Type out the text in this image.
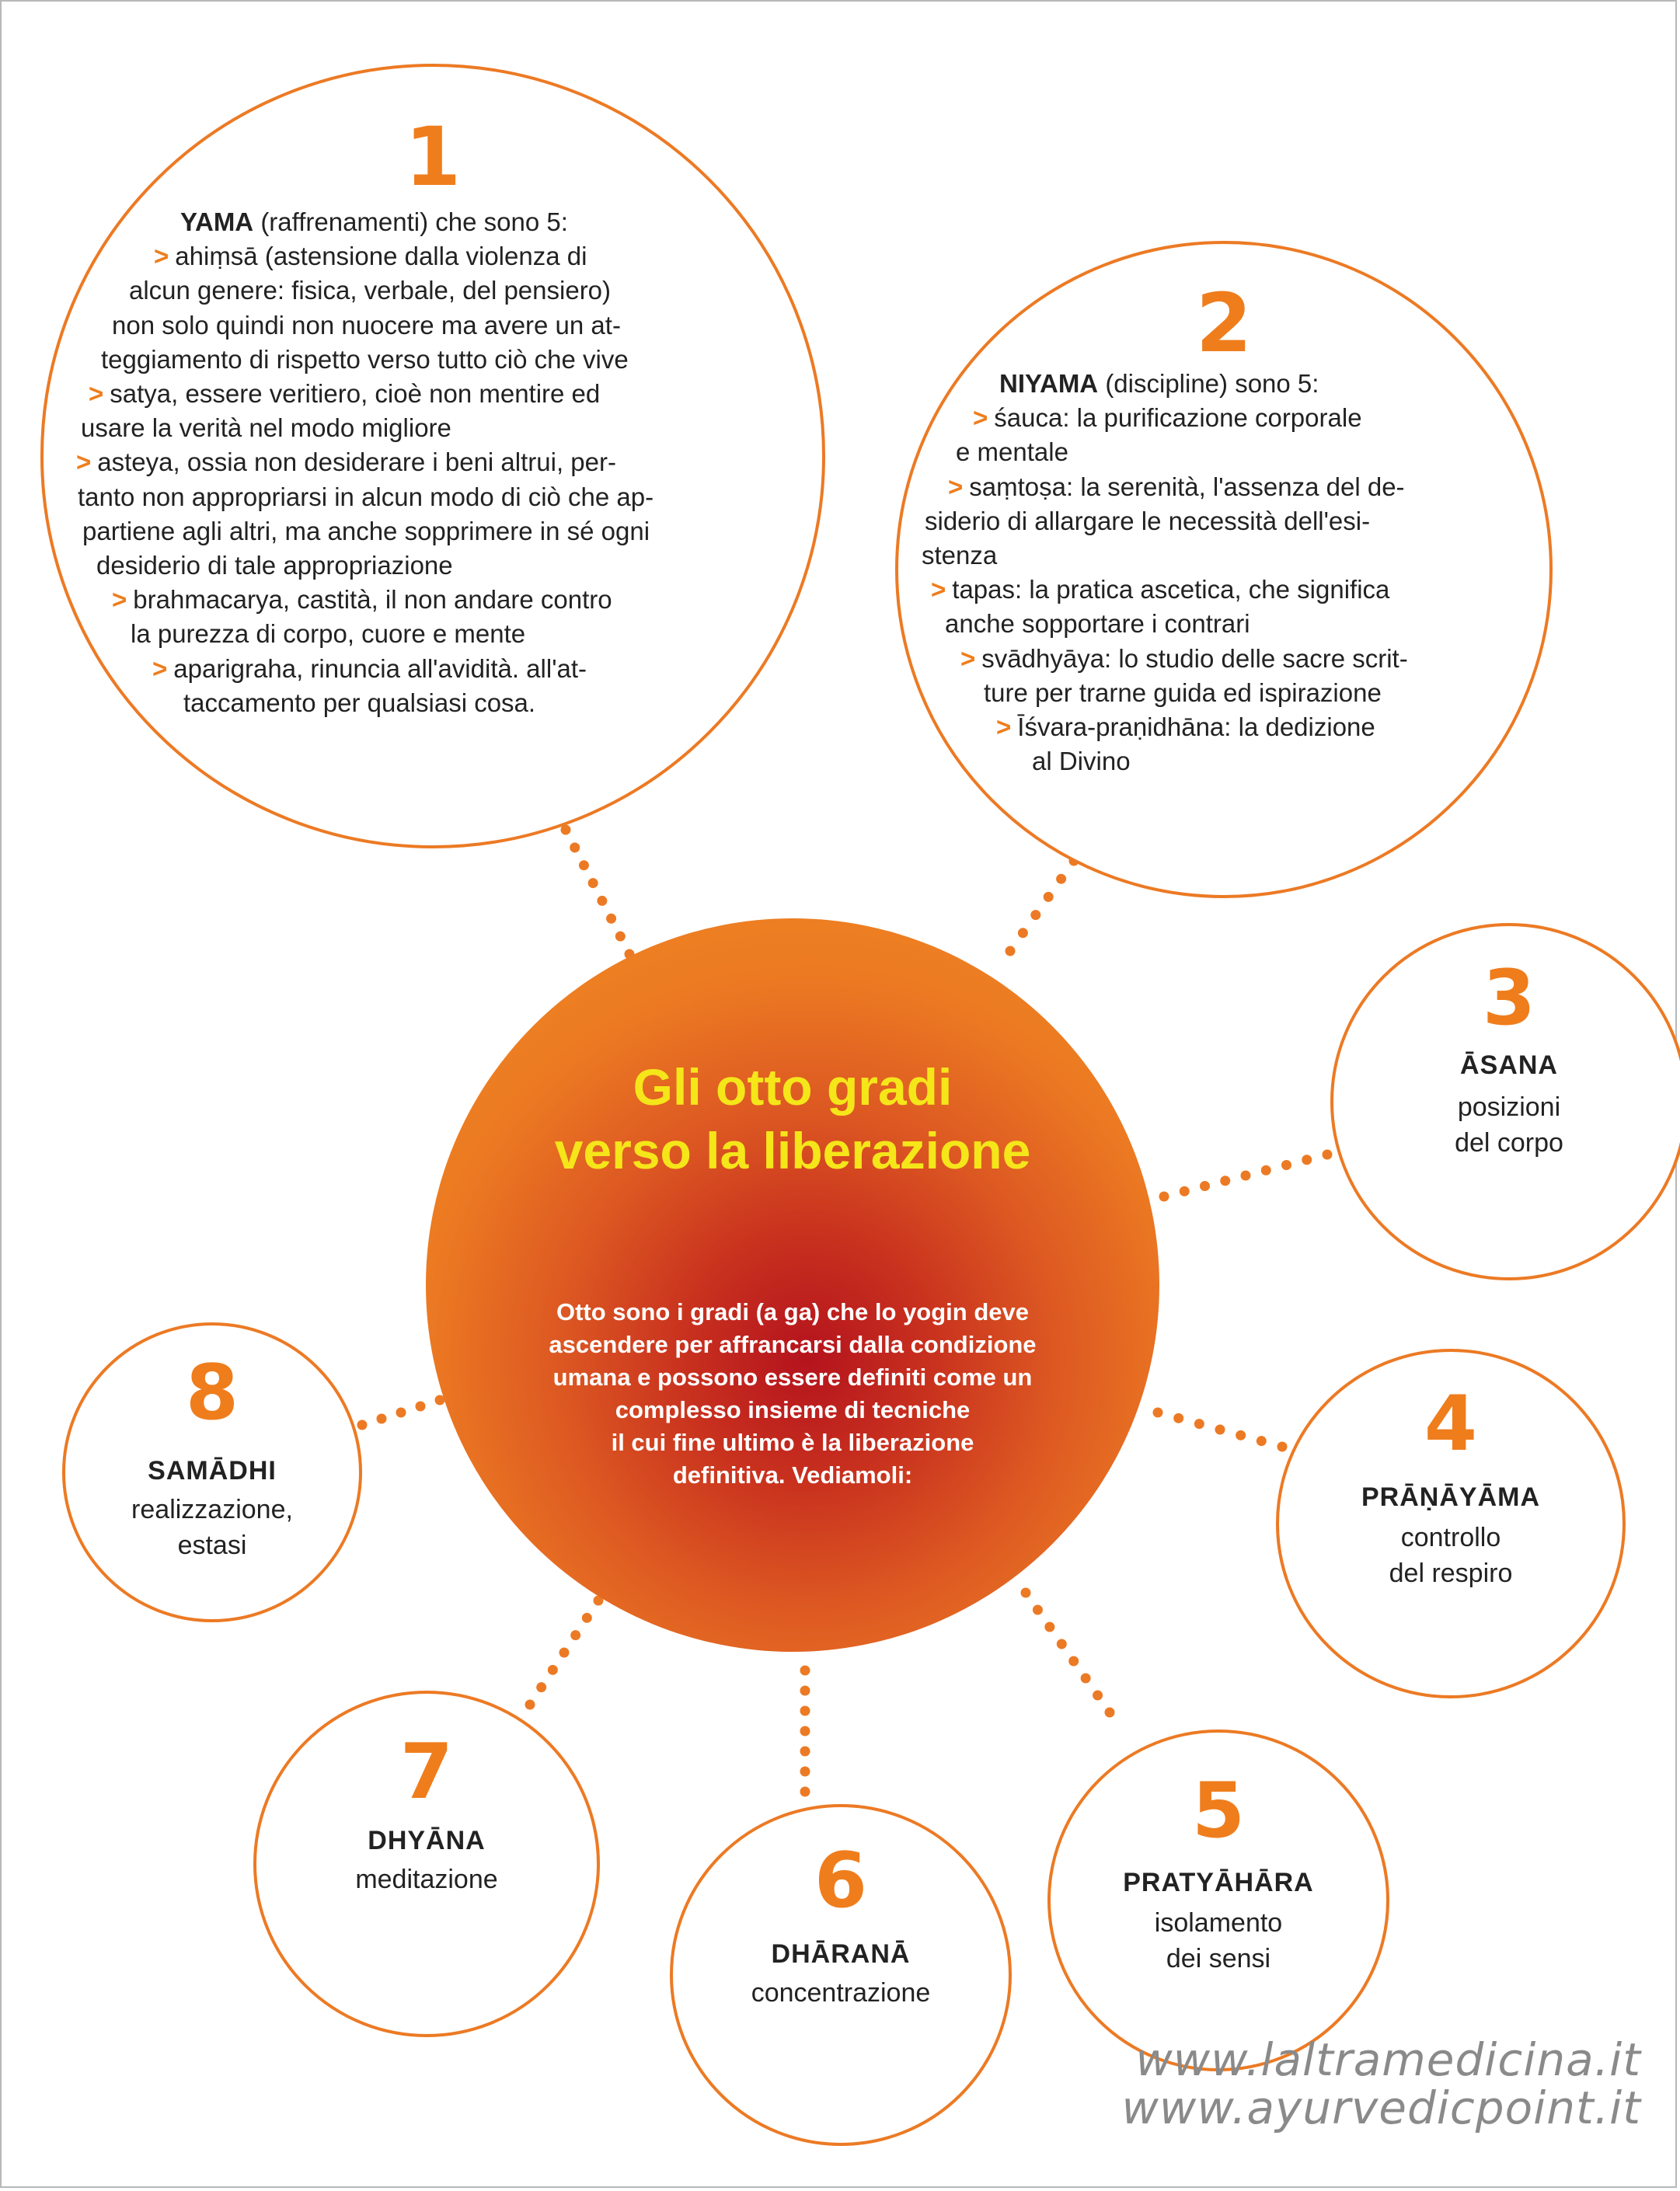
1
YAMA (raffrenamenti) che sono 5:
> ahiṃsā (astensione dalla violenza di
alcun genere: fisica, verbale, del pensiero)
non solo quindi non nuocere ma avere un at-
teggiamento di rispetto verso tutto ciò che vive
> satya, essere veritiero, cioè non mentire ed
usare la verità nel modo migliore
> asteya, ossia non desiderare i beni altrui, per-
tanto non appropriarsi in alcun modo di ciò che ap-
partiene agli altri, ma anche sopprimere in sé ogni
desiderio di tale appropriazione
> brahmacarya, castità, il non andare contro
la purezza di corpo, cuore e mente
> aparigraha, rinuncia all'avidità. all'at-
taccamento per qualsiasi cosa.
2
NIYAMA (discipline) sono 5:
> śauca: la purificazione corporale
e mentale
> saṃtoṣa: la serenità, l'assenza del de-
siderio di allargare le necessità dell'esi-
stenza
> tapas: la pratica ascetica, che significa
anche sopportare i contrari
> svādhyāya: lo studio delle sacre scrit-
ture per trarne guida ed ispirazione
> Īśvara-praṇidhāna: la dedizione
al Divino
3
ĀSANA
posizioni
del corpo
4
PRĀṆĀYĀMA
controllo
del respiro
5
PRATYĀHĀRA
isolamento
dei sensi
6
DHĀRANĀ
concentrazione
7
DHYĀNA
meditazione
8
SAMĀDHI
realizzazione,
estasi
Gli otto gradi
verso la liberazione
Otto sono i gradi (a ga) che lo yogin deve
ascendere per affrancarsi dalla condizione
umana e possono essere definiti come un
complesso insieme di tecniche
il cui fine ultimo è la liberazione
definitiva. Vediamoli:
www.laltramedicina.it
www.ayurvedicpoint.it
